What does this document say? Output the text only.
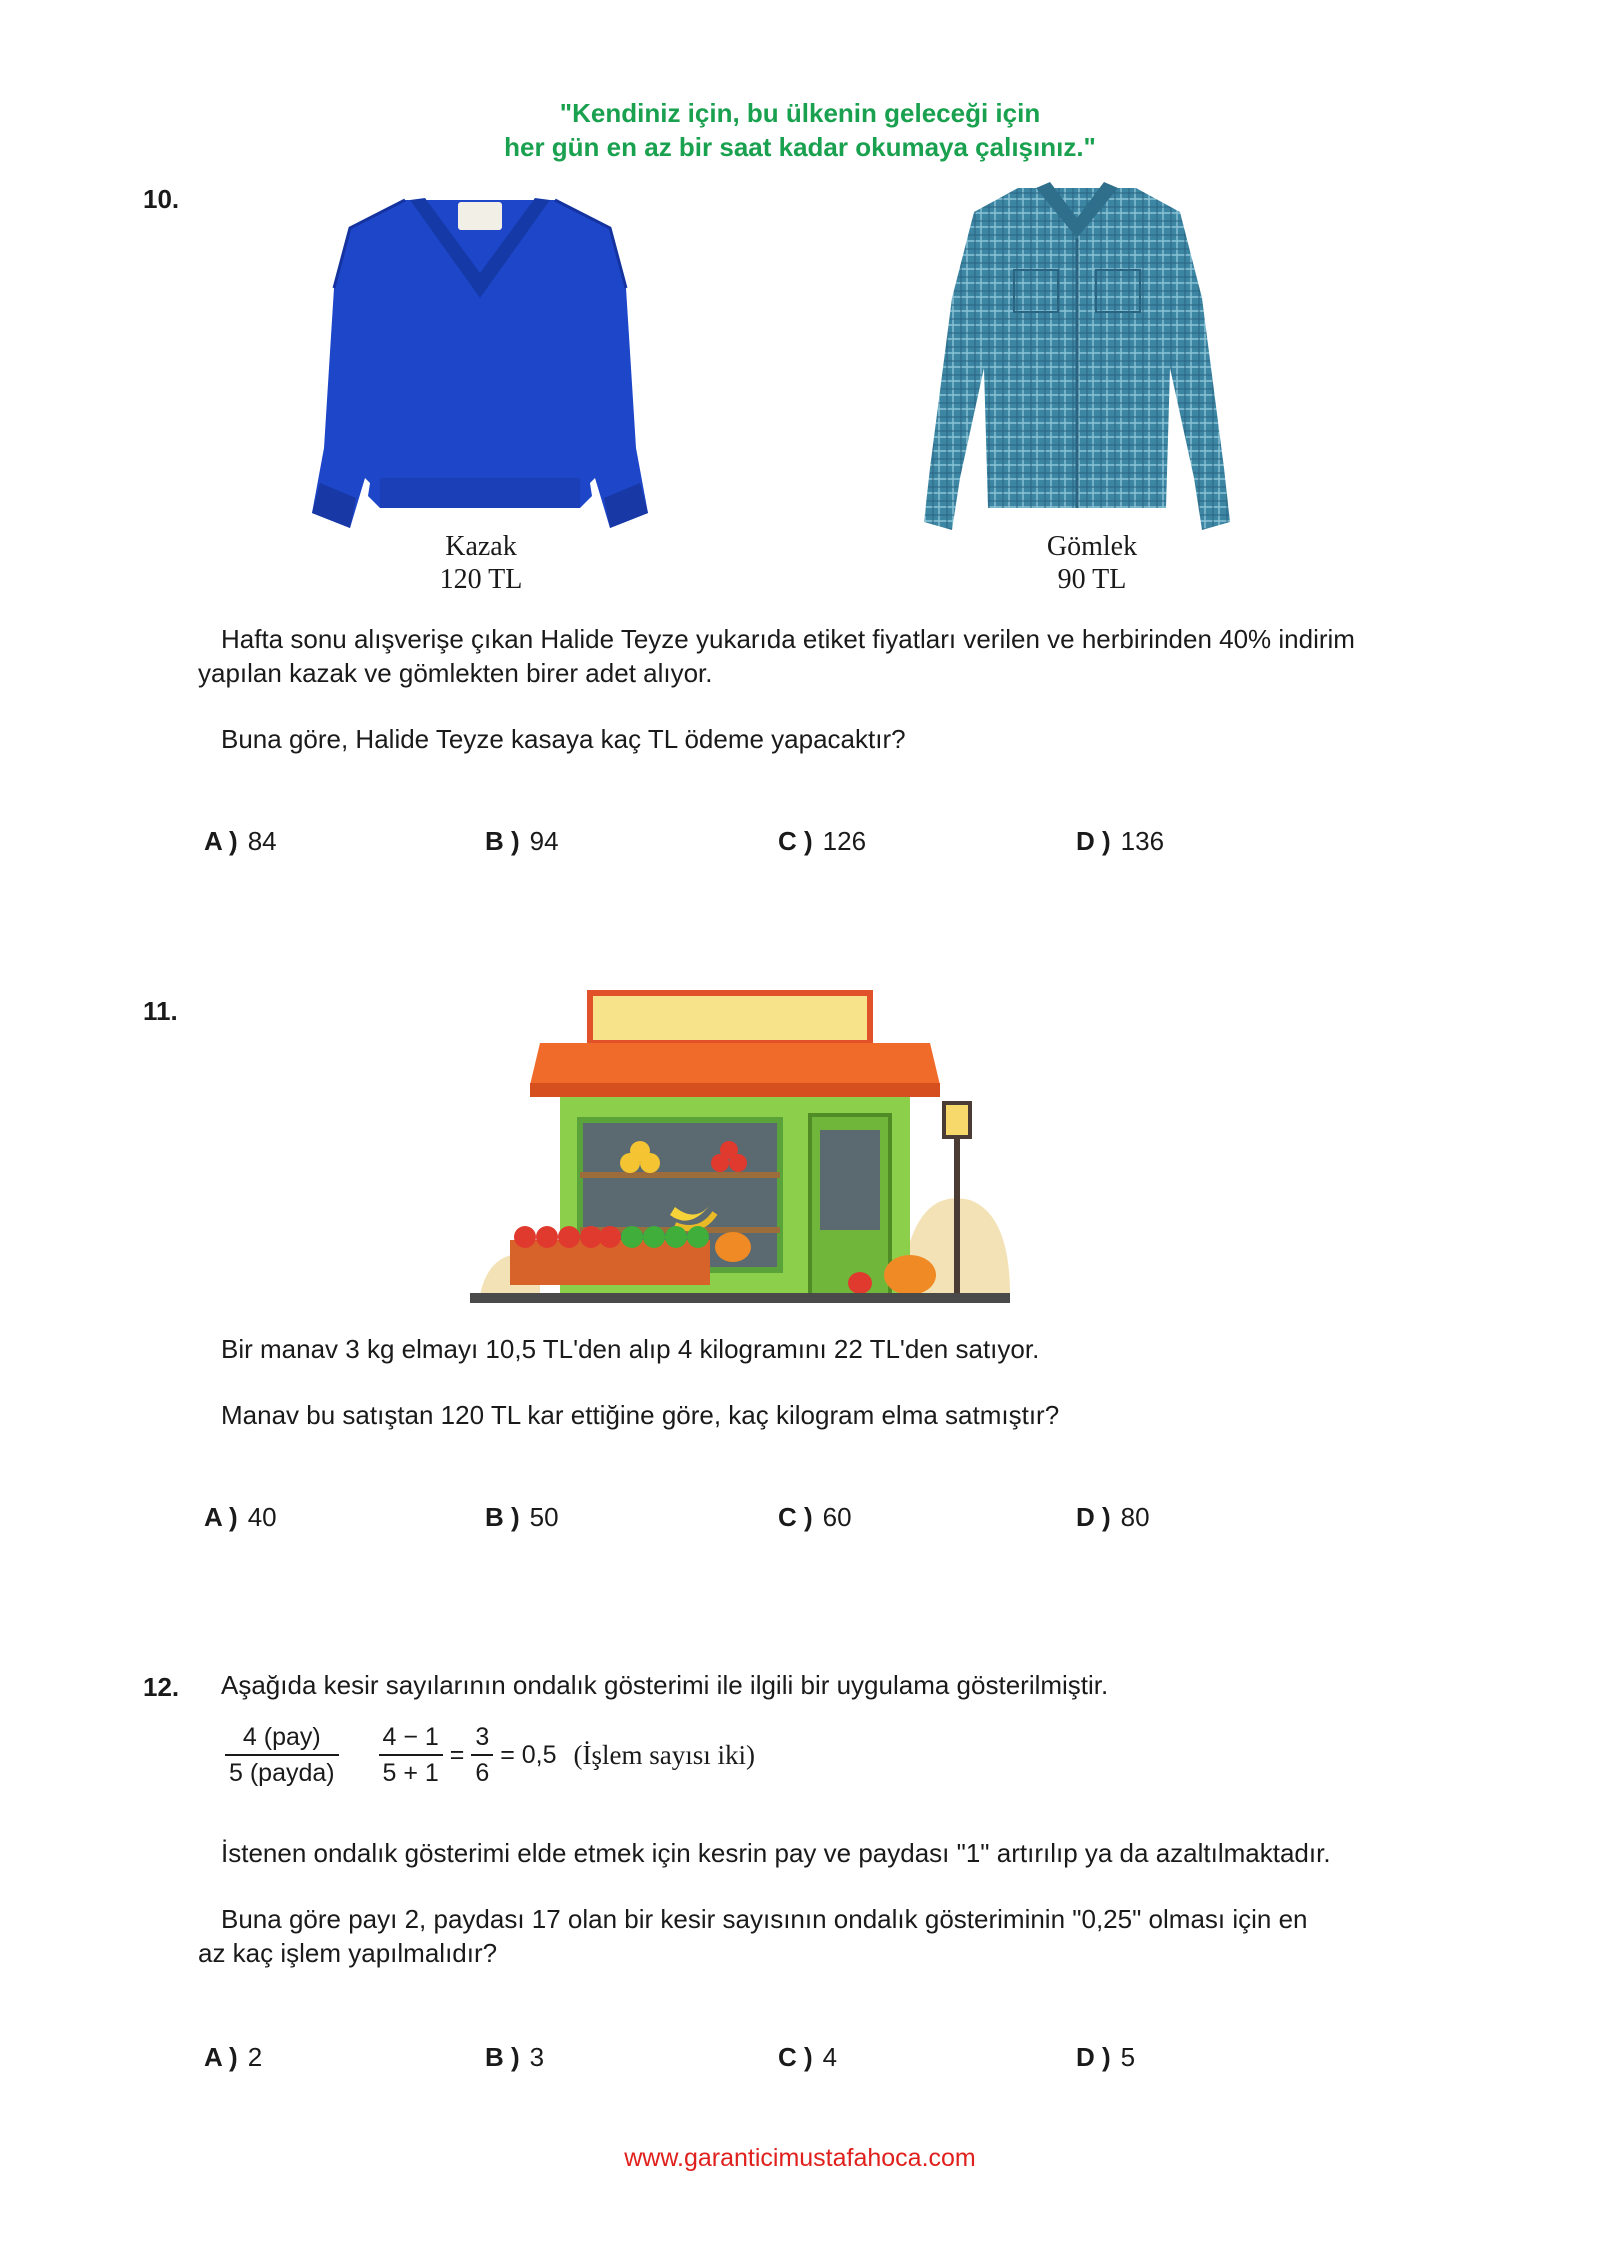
"Kendiniz için, bu ülkenin geleceği için
her gün en az bir saat kadar okumaya çalışınız."
10.
Kazak
120 TL
Gömlek
90 TL
Hafta sonu alışverişe çıkan Halide Teyze yukarıda etiket fiyatları verilen ve herbirinden 40% indirim
yapılan kazak ve gömlekten birer adet alıyor.
Buna göre, Halide Teyze kasaya kaç TL ödeme yapacaktır?
A ) 84	B ) 94	C ) 126	D ) 136
11.
Bir manav 3 kg elmayı 10,5 TL'den alıp 4 kilogramını 22 TL'den satıyor.
Manav bu satıştan 120 TL kar ettiğine göre, kaç kilogram elma satmıştır?
A ) 40	B ) 50	C ) 60	D ) 80
12. Aşağıda kesir sayılarının ondalık gösterimi ile ilgili bir uygulama gösterilmiştir.
$\frac{\text{4 (pay)}}{\text{5 (payda)}}$
$\frac{4 - 1}{5 + 1} = \frac{3}{6} = 0,5$ (İşlem sayısı iki)
İstenen ondalık gösterimi elde etmek için kesrin pay ve paydası "1" artırılıp ya da azaltılmaktadır.
Buna göre payı 2, paydası 17 olan bir kesir sayısının ondalık gösteriminin "0,25" olması için en
az kaç işlem yapılmalıdır?
A ) 2	B ) 3	C ) 4	D ) 5
www.garanticimustafahoca.com
